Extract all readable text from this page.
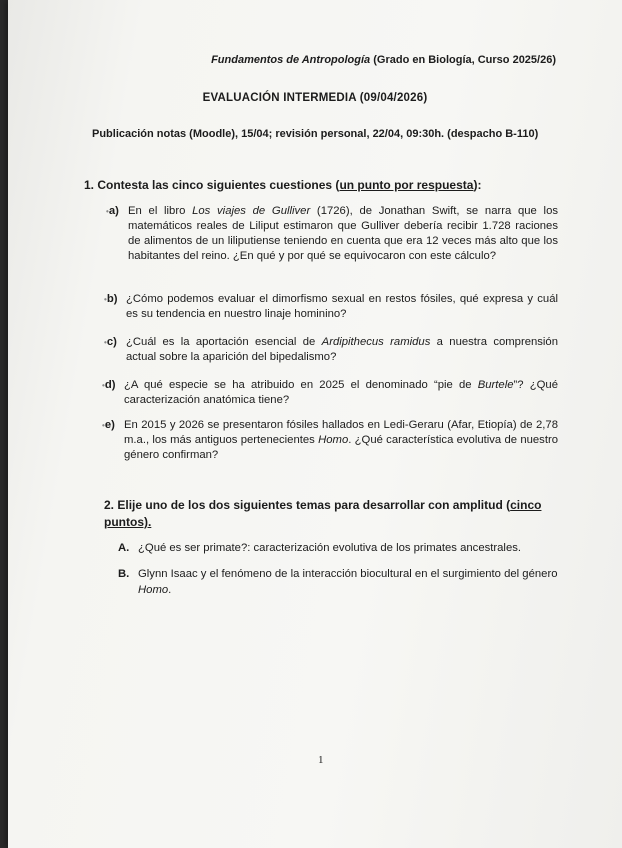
Fundamentos de Antropología (Grado en Biología, Curso 2025/26)
EVALUACIÓN INTERMEDIA (09/04/2026)
Publicación notas (Moodle), 15/04; revisión personal, 22/04, 09:30h. (despacho B-110)
1. Contesta las cinco siguientes cuestiones (un punto por respuesta):
•a) En el libro Los viajes de Gulliver (1726), de Jonathan Swift, se narra que los matemáticos reales de Liliput estimaron que Gulliver debería recibir 1.728 raciones de alimentos de un liliputiense teniendo en cuenta que era 12 veces más alto que los habitantes del reino. ¿En qué y por qué se equivocaron con este cálculo?
•b) ¿Cómo podemos evaluar el dimorfismo sexual en restos fósiles, qué expresa y cuál es su tendencia en nuestro linaje hominino?
•c) ¿Cuál es la aportación esencial de Ardipithecus ramidus a nuestra comprensión actual sobre la aparición del bipedalismo?
•d) ¿A qué especie se ha atribuido en 2025 el denominado “pie de Burtele”? ¿Qué caracterización anatómica tiene?
•e) En 2015 y 2026 se presentaron fósiles hallados en Ledi-Geraru (Afar, Etiopía) de 2,78 m.a., los más antiguos pertenecientes Homo. ¿Qué característica evolutiva de nuestro género confirman?
2. Elije uno de los dos siguientes temas para desarrollar con amplitud (cinco puntos).
A. ¿Qué es ser primate?: caracterización evolutiva de los primates ancestrales.
B. Glynn Isaac y el fenómeno de la interacción biocultural en el surgimiento del género Homo.
1
